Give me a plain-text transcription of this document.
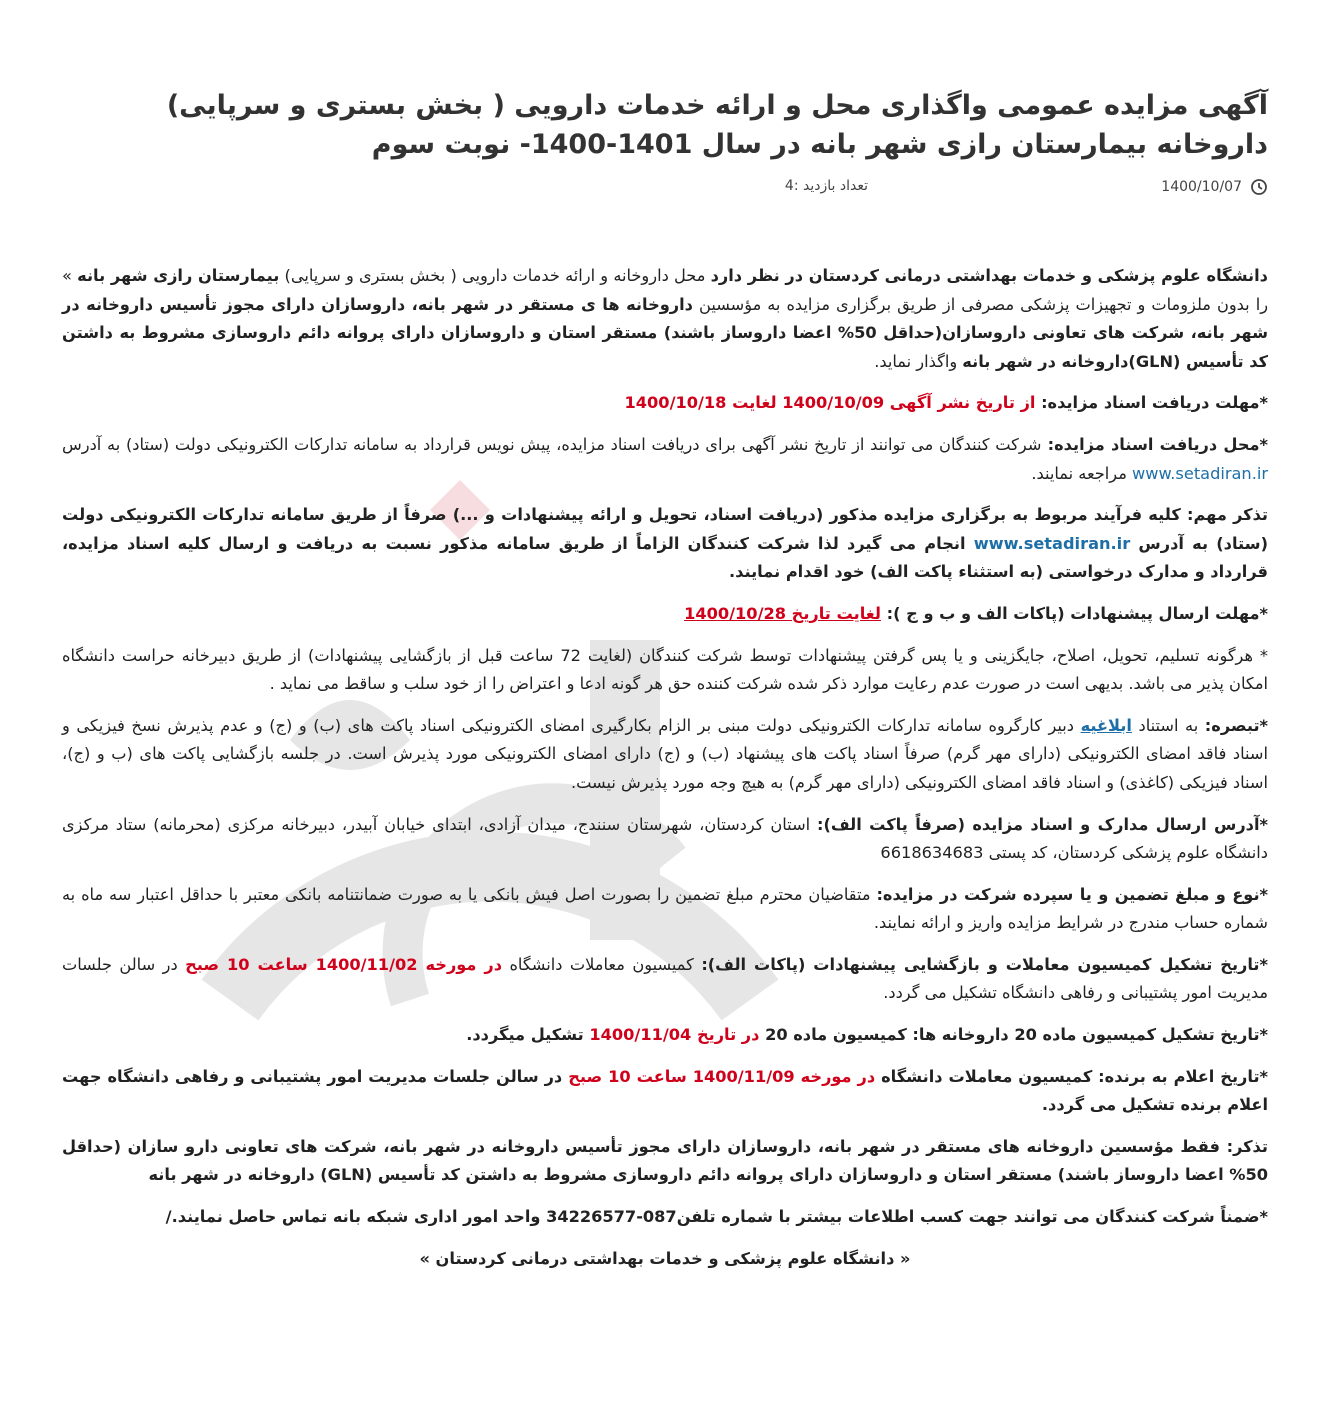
آگهی مزایده عمومی واگذاری محل و ارائه خدمات دارویی ( بخش بستری و سرپایی) داروخانه بیمارستان رازی شهر بانه در سال 1401-1400- نوبت سوم
1400/10/07
تعداد بازدید :4

دانشگاه علوم پزشکی و خدمات بهداشتی درمانی کردستان در نظر دارد محل داروخانه و ارائه خدمات دارویی ( بخش بستری و سرپایی) بیمارستان رازی شهر بانه » را بدون ملزومات و تجهیزات پزشکی مصرفی از طریق برگزاری مزایده به مؤسسین داروخانه ها ی مستقر در شهر بانه، داروسازان دارای مجوز تأسیس داروخانه در شهر بانه، شرکت های تعاونی داروسازان(حداقل 50% اعضا داروساز باشند) مستقر استان و داروسازان دارای پروانه دائم داروسازی مشروط به داشتن کد تأسیس (GLN)داروخانه در شهر بانه واگذار نماید.

*مهلت دریافت اسناد مزایده: از تاریخ نشر آگهی 1400/10/09 لغایت 1400/10/18

*محل دریافت اسناد مزایده: شرکت کنندگان می توانند از تاریخ نشر آگهی برای دریافت اسناد مزایده، پیش نویس قرارداد به سامانه تدارکات الکترونیکی دولت (ستاد) به آدرس www.setadiran.ir مراجعه نمایند.

تذکر مهم: کلیه فرآیند مربوط به برگزاری مزایده مذکور (دریافت اسناد، تحویل و ارائه پیشنهادات و ...) صرفاً از طریق سامانه تدارکات الکترونیکی دولت (ستاد) به آدرس www.setadiran.ir انجام می گیرد لذا شرکت کنندگان الزاماً از طریق سامانه مذکور نسبت به دریافت و ارسال کلیه اسناد مزایده، قرارداد و مدارک درخواستی (به استثناء پاکت الف) خود اقدام نمایند.

*مهلت ارسال پیشنهادات (پاکات الف و ب و ج ): لغایت تاریخ 1400/10/28

* هرگونه تسلیم، تحویل، اصلاح، جایگزینی و یا پس گرفتن پیشنهادات توسط شرکت کنندگان (لغایت 72 ساعت قبل از بازگشایی پیشنهادات) از طریق دبیرخانه حراست دانشگاه امکان پذیر می باشد. بدیهی است در صورت عدم رعایت موارد ذکر شده شرکت کننده حق هر گونه ادعا و اعتراض را از خود سلب و ساقط می نماید .

*تبصره: به استناد ابلاغیه دبیر کارگروه سامانه تدارکات الکترونیکی دولت مبنی بر الزام بکارگیری امضای الکترونیکی اسناد پاکت های (ب) و (ج) و عدم پذیرش نسخ فیزیکی و اسناد فاقد امضای الکترونیکی (دارای مهر گرم) صرفاً اسناد پاکت های پیشنهاد (ب) و (ج) دارای امضای الکترونیکی مورد پذیرش است. در جلسه بازگشایی پاکت های (ب و (ج)، اسناد فیزیکی (کاغذی) و اسناد فاقد امضای الکترونیکی (دارای مهر گرم) به هیچ وجه مورد پذیرش نیست.

*آدرس ارسال مدارک و اسناد مزایده (صرفاً پاکت الف): استان کردستان، شهرستان سنندج، میدان آزادی، ابتدای خیابان آبیدر، دبیرخانه مرکزی (محرمانه) ستاد مرکزی دانشگاه علوم پزشکی کردستان، کد پستی 6618634683

*نوع و مبلغ تضمین و یا سپرده شرکت در مزایده: متقاضیان محترم مبلغ تضمین را بصورت اصل فیش بانکی یا به صورت ضمانتنامه بانکی معتبر با حداقل اعتبار سه ماه به شماره حساب مندرج در شرایط مزایده واریز و ارائه نمایند.

*تاریخ تشکیل کمیسیون معاملات و بازگشایی پیشنهادات (پاکات الف): کمیسیون معاملات دانشگاه در مورخه 1400/11/02 ساعت 10 صبح در سالن جلسات مدیریت امور پشتیبانی و رفاهی دانشگاه تشکیل می گردد.

*تاریخ تشکیل کمیسیون ماده 20 داروخانه ها: کمیسیون ماده 20 در تاریخ 1400/11/04 تشکیل میگردد.

*تاریخ اعلام به برنده: کمیسیون معاملات دانشگاه در مورخه 1400/11/09 ساعت 10 صبح در سالن جلسات مدیریت امور پشتیبانی و رفاهی دانشگاه جهت اعلام برنده تشکیل می گردد.

تذکر: فقط مؤسسین داروخانه های مستقر در شهر بانه، داروسازان دارای مجوز تأسیس داروخانه در شهر بانه، شرکت های تعاونی دارو سازان (حداقل 50% اعضا داروساز باشند) مستقر استان و داروسازان دارای پروانه دائم داروسازی مشروط به داشتن کد تأسیس (GLN) داروخانه در شهر بانه

*ضمناً شرکت کنندگان می توانند جهت کسب اطلاعات بیشتر با شماره تلفن087-34226577 واحد امور اداری شبکه بانه تماس حاصل نمایند./

« دانشگاه علوم پزشکی و خدمات بهداشتی درمانی کردستان »
